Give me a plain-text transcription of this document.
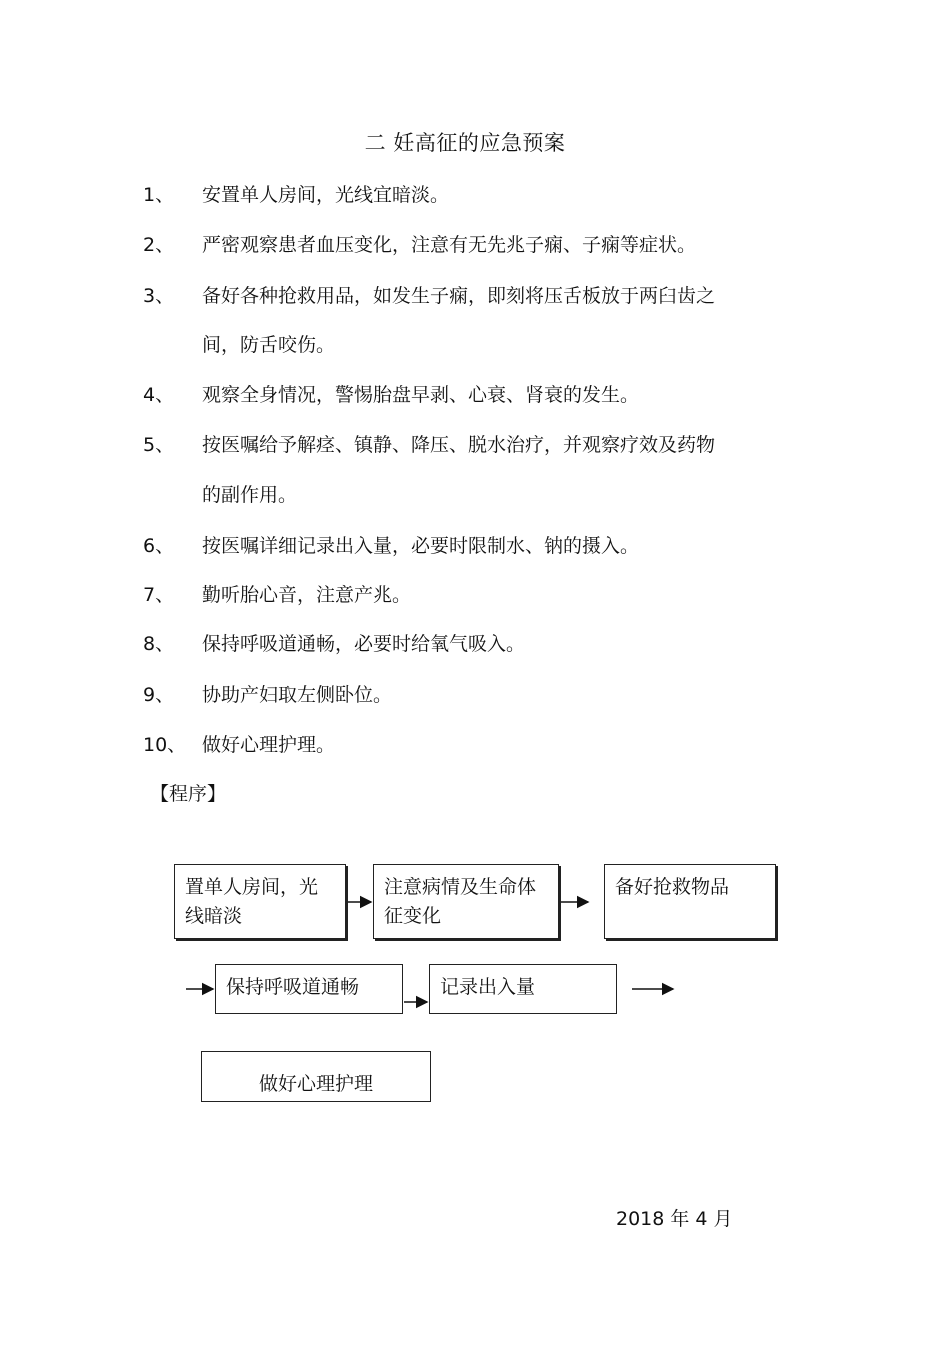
二 妊高征的应急预案
1、	安置单人房间，光线宜暗淡。
2、	严密观察患者血压变化，注意有无先兆子痫、子痫等症状。
3、	备好各种抢救用品，如发生子痫，即刻将压舌板放于两臼齿之
间，防舌咬伤。
4、	观察全身情况，警惕胎盘早剥、心衰、肾衰的发生。
5、	按医嘱给予解痉、镇静、降压、脱水治疗，并观察疗效及药物
的副作用。
6、	按医嘱详细记录出入量，必要时限制水、钠的摄入。
7、	勤听胎心音，注意产兆。
8、	保持呼吸道通畅，必要时给氧气吸入。
9、	协助产妇取左侧卧位。
10、 做好心理护理。
【程序】
置单人房间，光线暗淡
注意病情及生命体征变化
备好抢救物品
保持呼吸道通畅	记录出入量
做好心理护理
2018 年 4 月
